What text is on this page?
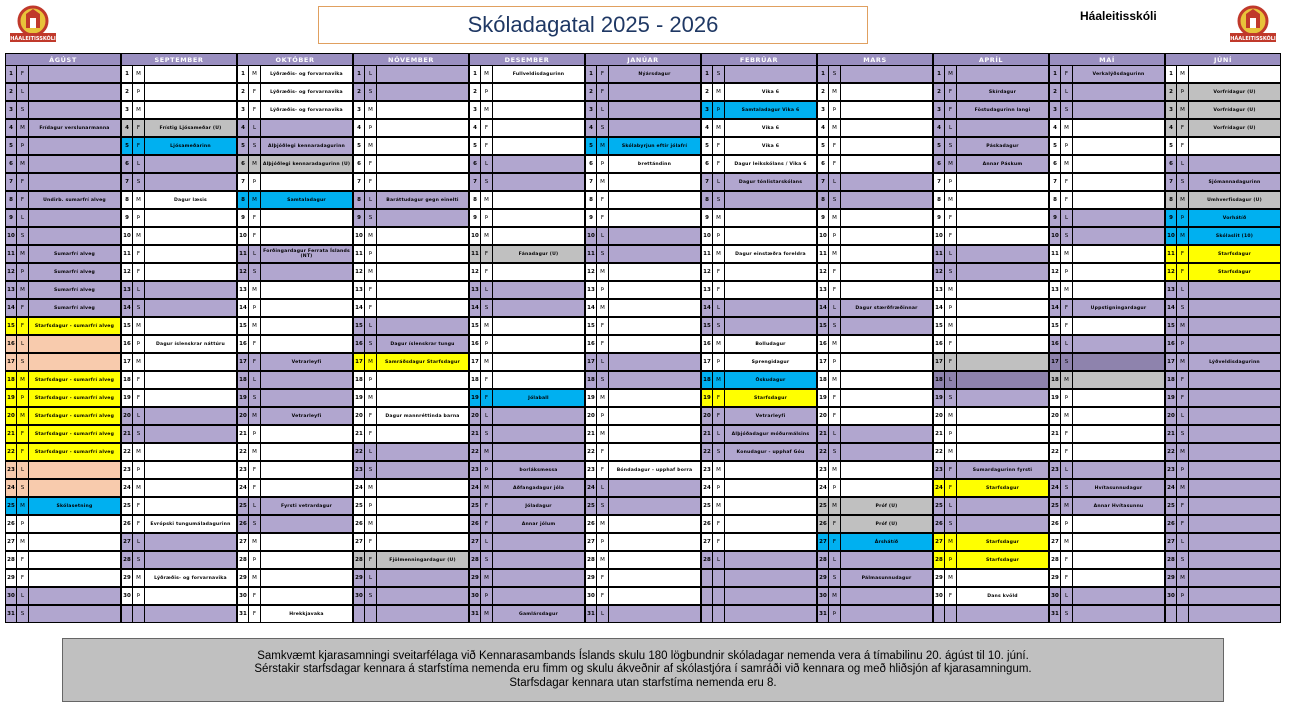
HÁALEITISSKÓLI	HÁALEITISSKÓLI
Skóladagatal 2025 - 2026	Háaleitisskóli
ÁGÚST
1	F
2	L
3	S
4	M	Frídagur verslunarmanna
5	Þ
6	M
7	F
8	F	Undirb. sumarfrí alveg
9	L
10	S
11 M	Sumarfrí alveg
12	Þ	Sumarfrí alveg
13 M	Sumarfrí alveg
14	F	Sumarfrí alveg
15	F	Starfsdagur - sumarfrí alveg
16	L
17	S
18 M	Starfsdagur - sumarfrí alveg
19	Þ	Starfsdagur - sumarfrí alveg
20 M	Starfsdagur - sumarfrí alveg
21	F	Starfsdagur - sumarfrí alveg
22	F	Starfsdagur - sumarfrí alveg
23	L
24	S
25 M	Skólasetning
26	Þ
27 M
28	F
29	F
30	L
31	S
SEPTEMBER
1	M
2	Þ
3	M
4	F	Frístig Ljósameðar (U)
5	F	Ljósameðarinn
6	L
7	S
8	M	Dagur læsis
9	Þ
10 M
11	F
12	F
13	L
14	S
15 M
16	Þ	Dagur íslenskrar náttúru
17 M
18	F
19	F
20	L
21	S
22 M
23	Þ
24 M
25	F
26	F	Evrópski tungumáladagurinn
27	L
28	S
29 M	Lýðræðis- og forvarnavika
30	Þ
OKTÓBER
1	M	Lýðræðis- og forvarnavika
2	F	Lýðræðis- og forvarnavika
3	F	Lýðræðis- og forvarnavika
4	L
5	S	Alþjóðlegi kennaradagurinn
6	M	Alþjóðlegi kennaradagurinn (U)
7	Þ
8	M	Samtaladagur
9	F
10	F
11	L	Forðingardagur Ferrata Íslands (NT)
12	S
13 M
14	Þ
15 M
16	F
17	F	Vetrarleyfi
18	L
19	S
20 M	Vetrarleyfi
21	Þ
22 M
23	F
24	F
25	L	Fyrsti vetrardagur
26	S
27 M
28	Þ
29 M
30	F
31	F	Hrekkjavaka
NÓVEMBER
1	L
2	S
3	M
4	Þ
5	M
6	F
7	F
8	L	Baráttudagur gegn einelti
9	S
10 M
11	Þ
12 M
13	F
14	F
15	L
16	S	Dagur íslenskrar tungu
17 M	Samráðsdagur Starfsdagur
18	Þ
19 M
20	F	Dagur mannréttinda barna
21	F
22	L
23	S
24 M
25	Þ
26 M
27	F
28	F	Fjölmenningardagur (U)
29	L
30	S
DESEMBER
1	M	Fullveldisdagurinn
2	Þ
3	M
4	F
5	F
6	L
7	S
8	M
9	Þ
10 M
11	F	Fánadagur (U)
12	F
13	L
14	S
15 M
16	Þ
17 M
18	F
19	F	Jólaball
20	L
21	S
22 M
23	Þ	Þorláksmessa
24 M	Aðfangadagur jóla
25	F	Jóladagur
26	F	Annar jólum
27	L
28	S
29 M
30	Þ
31 M	Gamlársdagur
JANÚAR
1	F	Nýársdagur
2	F
3	L
4	S
5	M	Skólabyrjun eftir jólafrí
6	Þ	Þrettándinn
7	M
8	F
9	F
10	L
11	S
12 M
13	Þ
14 M
15	F
16	F
17	L
18	S
19 M
20	Þ
21 M
22	F
23	F	Bóndadagur - upphaf Þorra
24	L
25	S
26 M
27	Þ
28 M
29	F
30	F
31	L
FEBRÚAR
1	S
2	M	Vika 6
3	Þ	Samtaladagur Vika 6
4	M	Vika 6
5	F	Vika 6
6	F	Dagur leikskólans / Vika 6
7	L	Dagur tónlistarskólans
8	S
9	M
10	Þ
11 M	Dagur einstæðra foreldra
12	F
13	F
14	L
15	S
16 M	Bolludagur
17	Þ	Sprengidagur
18 M	Öskudagur
19	F	Starfsdagur
20	F	Vetrarleyfi
21	L	Alþjóðadagur móðurmálsins
22	S	Konudagur - upphaf Góu
23 M
24	Þ
25 M
26	F
27	F
28	L
MARS
1	S
2	M
3	Þ
4	M
5	F
6	F
7	L
8	S
9	M
10	Þ
11 M
12	F
13	F
14	L	Dagur stærðfræðinnar
15	S
16 M
17	Þ
18 M
19	F
20	F
21	L
22	S
23 M
24	Þ
25 M	Próf (U)
26	F	Próf (U)
27	F	Árshátíð
28	L
29	S	Pálmasunnudagur
30 M
31	Þ
APRÍL
1	M
2	F	Skírdagur
3	F	Föstudagurinn langi
4	L
5	S	Páskadagur
6	M	Annar Páskum
7	Þ
8	M
9	F
10	F
11	L
12	S
13 M
14	Þ
15 M
16	F
17	F
18	L
19	S
20 M
21	Þ
22 M
23	F	Sumardagurinn fyrsti
24	F	Starfsdagur
25	L
26	S
27 M	Starfsdagur
28	Þ	Starfsdagur
29 M
30	F	Dans kvöld
MAÍ
1	F	Verkalýðsdagurinn
2	L
3	S
4	M
5	Þ
6	M
7	F
8	F
9	L
10	S
11 M
12	Þ
13 M
14	F	Uppstigningardagur
15	F
16	L
17	S
18 M
19	Þ
20 M
21	F
22	F
23	L
24	S	Hvítasunnudagur
25 M	Annar Hvítasunnu
26	Þ
27 M
28	F
29	F
30	L
31	S
JÚNÍ
1	M
2	Þ	Vorfrídagur (U)
3	M	Vorfrídagur (U)
4	F	Vorfrídagur (U)
5	F
6	L
7	S	Sjómannadagurinn
8	M	Umhverfisdagur (U)
9	Þ	Vorhátíð
10 M	Skólaslit (10)
11	F	Starfsdagur
12	F	Starfsdagur
13	L
14	S
15 M
16	Þ
17 M	Lýðveldisdagurinn
18	F
19	F
20	L
21	S
22 M
23	Þ
24 M
25	F
26	F
27	L
28	S
29 M
30	Þ
Samkvæmt kjarasamningi sveitarfélaga við Kennarasambands Íslands skulu 180 lögbundnir skóladagar nemenda vera á tímabilinu 20. ágúst til 10. júní.
Sérstakir starfsdagar kennara á starfstíma nemenda eru fimm og skulu ákveðnir af skólastjóra í samráði við kennara og með hliðsjón af kjarasamningum.
Starfsdagar kennara utan starfstíma nemenda eru 8.
